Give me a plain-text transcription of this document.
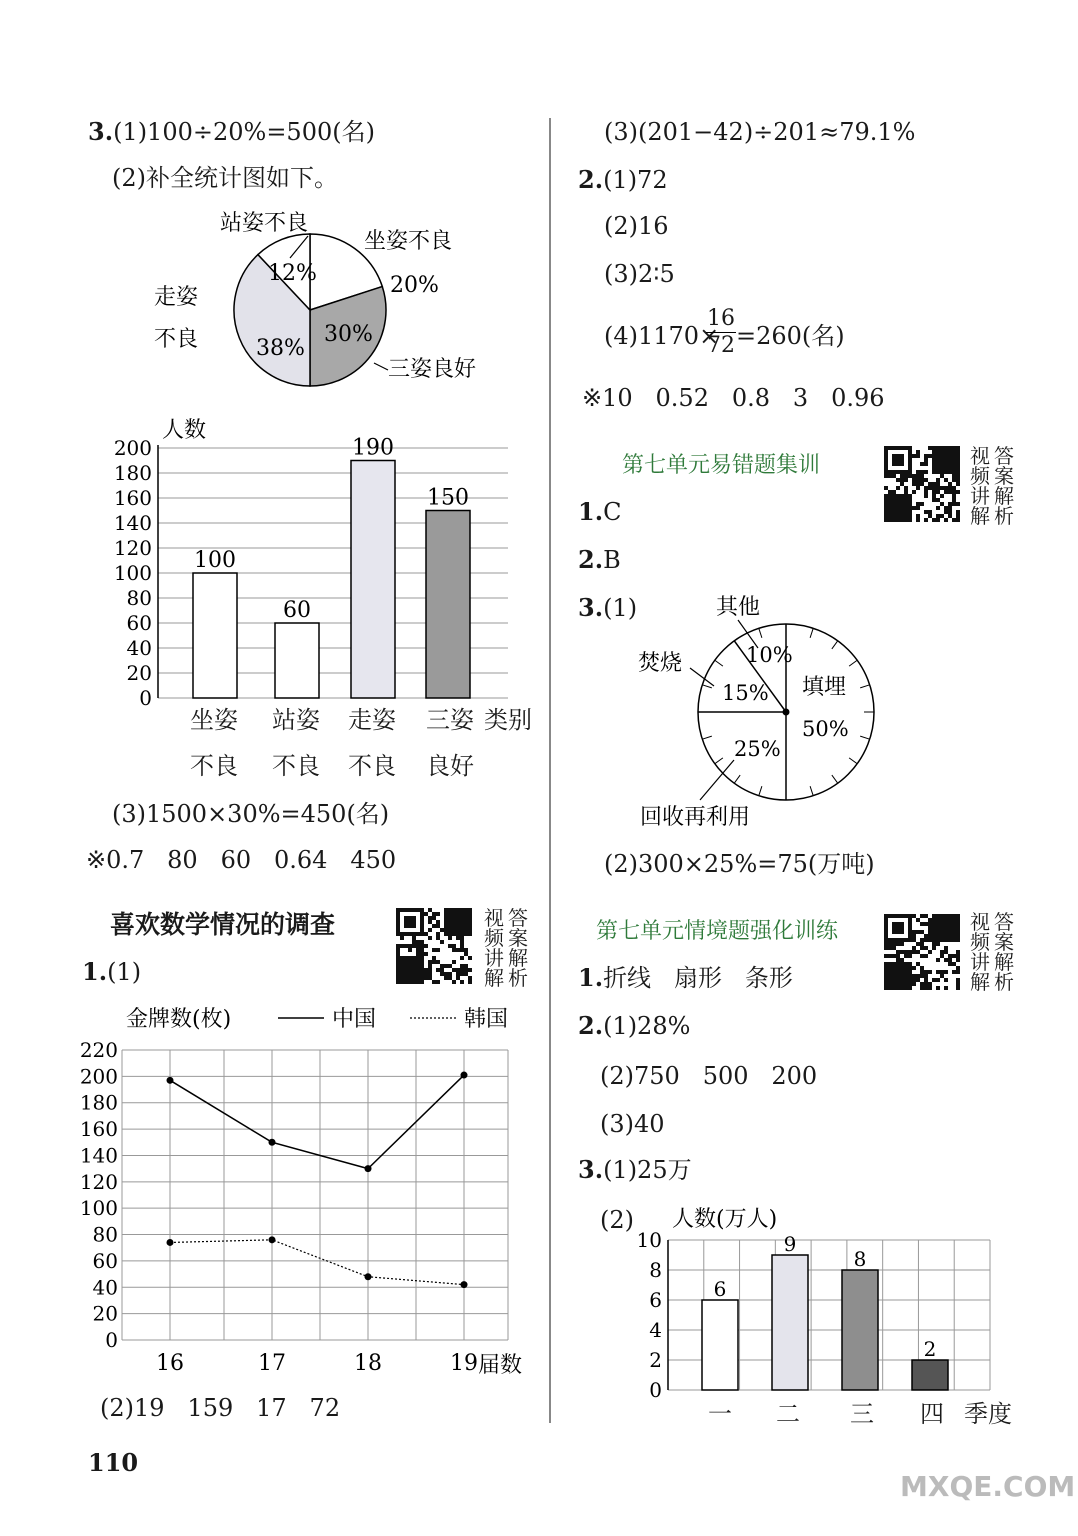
3.(1)100÷20%=500(名)
(2)补全统计图如下。
站姿不良
坐姿不良
20%
走姿
不良
12%
38%
30%
三姿良好
0
20
40
60
80
100
120
140
160
180
200
100
60
190
150
人数
坐姿 站姿 走姿 三姿 类别
不良 不良 不良 良好
(3)1500×30%=450(名)
※0.7   80   60   0.64   450
喜欢数学情况的调查	视
频
讲
解
答
案
解
析
1.(1)
金牌数(枚)	中国	韩国
0
20
40
60
80
100
120
140
160
180
200
220
16	17	18	19 届数
(2)19   159   17   72
(3)(201−42)÷201≈79.1%
2.(1)72
(2)16
(3)2∶5
(4)1170×
$\frac{16}{72} =260$(名)
※10   0.52   0.8   3   0.96
第七单元易错题集训	视
频
讲
解
答
案
解
析
1.C
2.B
3.(1)	其他
10%
焚烧
15% 填埋
50%
25%
回收再利用
(2)300×25%=75(万吨)
第七单元情境题强化训练	视
频
讲
解
答
案
解
析
1.折线   扇形   条形
2.(1)28%
(2)750   500   200
(3)40
3.(1)25万
(2) 人数(万人)
0
2
4
6
8
10
6
9
8
2
一 二 三 四 季度
110
MXQE.COM
